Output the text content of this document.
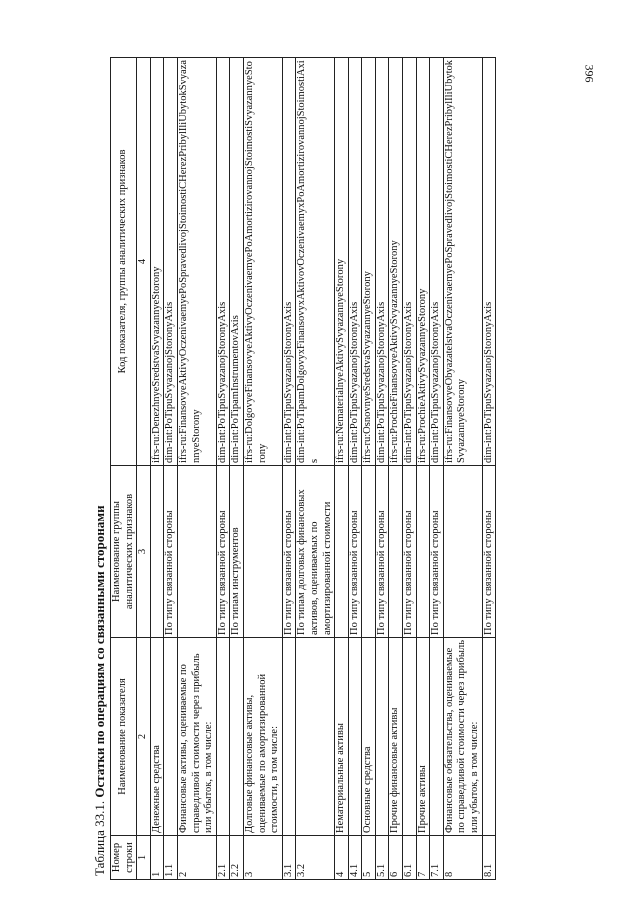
396
Таблица 33.1. Остатки по операциям со связанными сторонами
Номер строки	Наименование показателя	Наименование группы аналитических признаков	Код показателя, группы аналитических признаков
1	2	3	4
1	Денежные средства		ifrs-ru:DenezhnyeSredstvaSvyazannyeStorony
1.1		По типу связанной стороны	dim-int:PoTipuSvyazanojStoronyAxis
2	Финансовые активы, оцениваемые по справедливой стоимости через прибыль или убыток, в том числе:		ifrs-ru:FinansovyeAktivyOczenivaemyePoSpravedlivojStoimostiCHerezPribylIliUbytokSvyazannyeStorony
2.1		По типу связанной стороны	dim-int:PoTipuSvyazanojStoronyAxis
2.2		По типам инструментов	dim-int:PoTipamInstrumentovAxis
3	Долговые финансовые активы, оцениваемые по амортизированной стоимости, в том числе:		ifrs-ru:DolgovyeFinansovyeAktivyOczenivaemyePoAmortizirovannojStoimostiSvyazannyeStorony
3.1		По типу связанной стороны	dim-int:PoTipuSvyazanojStoronyAxis
3.2		По типам долговых финансовых активов, оцениваемых по амортизированной стоимости	dim-int:PoTipamDolgovyxFinansovyxAktivovOczenivaemyxPoAmortizirovannojStoimostiAxis
4	Нематериальные активы		ifrs-ru:NematerialnyeAktivySvyazannyeStorony
4.1		По типу связанной стороны	dim-int:PoTipuSvyazanojStoronyAxis
5	Основные средства		ifrs-ru:OsnovnyeSredstvaSvyazannyeStorony
5.1		По типу связанной стороны	dim-int:PoTipuSvyazanojStoronyAxis
6	Прочие финансовые активы		ifrs-ru:ProchieFinansovyeAktivySvyazannyeStorony
6.1		По типу связанной стороны	dim-int:PoTipuSvyazanojStoronyAxis
7	Прочие активы		ifrs-ru:ProchieAktivySvyazannyeStorony
7.1		По типу связанной стороны	dim-int:PoTipuSvyazanojStoronyAxis
8	Финансовые обязательства, оцениваемые по справедливой стоимости через прибыль или убыток, в том числе:		ifrs-ru:FinansovyeObyazatelstvaOczenivaemyePoSpravedlivojStoimostiCHerezPribylIliUbytokSvyazannyeStorony
8.1		По типу связанной стороны	dim-int:PoTipuSvyazanojStoronyAxis
